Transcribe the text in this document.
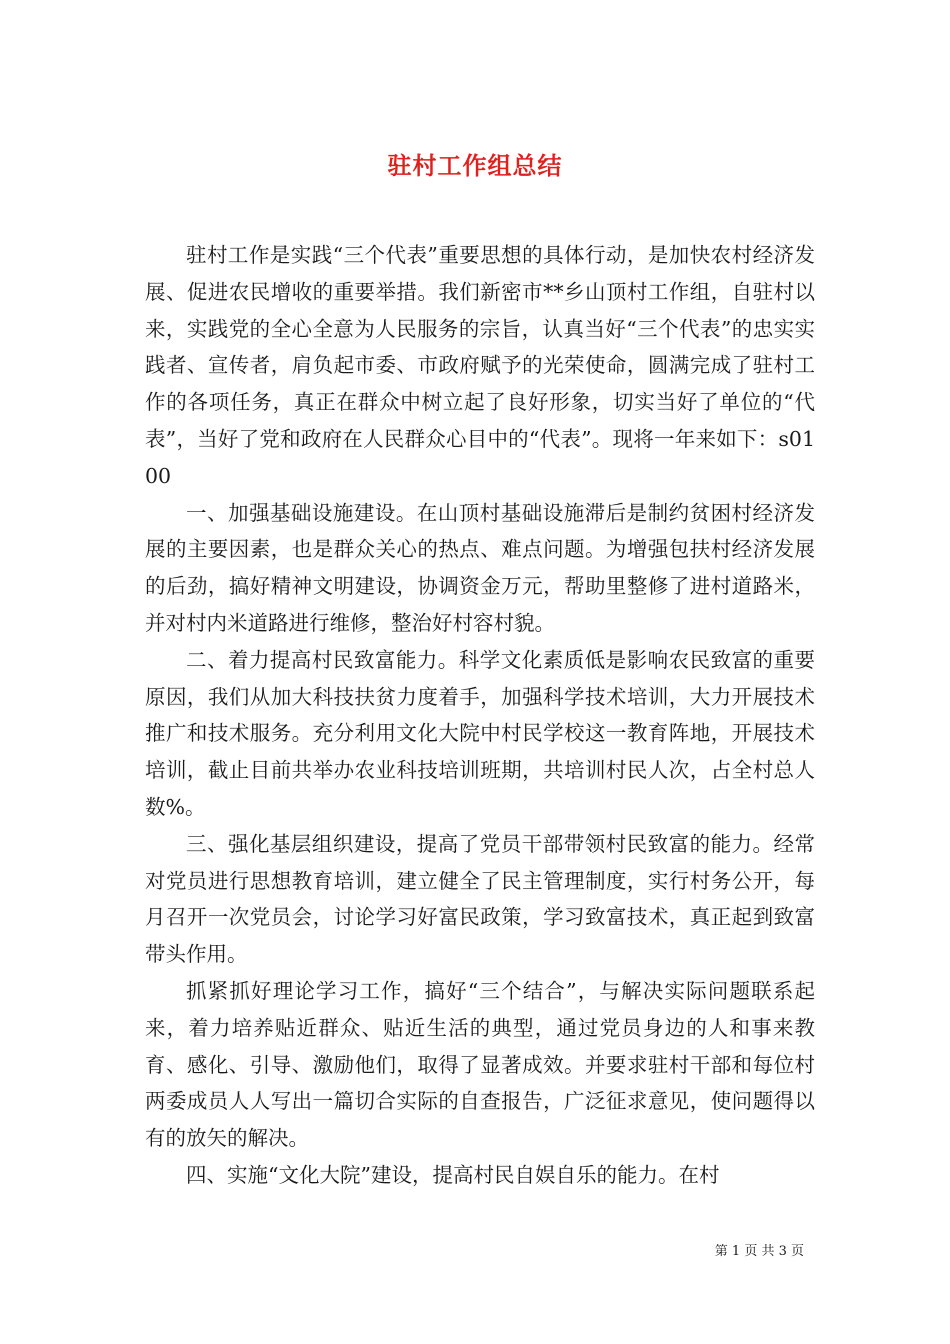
驻村工作组总结

驻村工作是实践“三个代表”重要思想的具体行动，是加快农村经济发展、促进农民增收的重要举措。我们新密市**乡山顶村工作组，自驻村以来，实践党的全心全意为人民服务的宗旨，认真当好“三个代表”的忠实实践者、宣传者，肩负起市委、市政府赋予的光荣使命，圆满完成了驻村工作的各项任务，真正在群众中树立起了良好形象，切实当好了单位的“代表”，当好了党和政府在人民群众心目中的“代表”。现将一年来如下：s0100

一、加强基础设施建设。在山顶村基础设施滞后是制约贫困村经济发展的主要因素，也是群众关心的热点、难点问题。为增强包扶村经济发展的后劲，搞好精神文明建设，协调资金万元，帮助里整修了进村道路米，并对村内米道路进行维修，整治好村容村貌。

二、着力提高村民致富能力。科学文化素质低是影响农民致富的重要原因，我们从加大科技扶贫力度着手，加强科学技术培训，大力开展技术推广和技术服务。充分利用文化大院中村民学校这一教育阵地，开展技术培训，截止目前共举办农业科技培训班期，共培训村民人次，占全村总人数%。

三、强化基层组织建设，提高了党员干部带领村民致富的能力。经常对党员进行思想教育培训，建立健全了民主管理制度，实行村务公开，每月召开一次党员会，讨论学习好富民政策，学习致富技术，真正起到致富带头作用。

抓紧抓好理论学习工作，搞好“三个结合”，与解决实际问题联系起来，着力培养贴近群众、贴近生活的典型，通过党员身边的人和事来教育、感化、引导、激励他们，取得了显著成效。并要求驻村干部和每位村两委成员人人写出一篇切合实际的自查报告，广泛征求意见，使问题得以有的放矢的解决。

四、实施“文化大院”建设，提高村民自娱自乐的能力。在村

第 1 页 共 3 页
